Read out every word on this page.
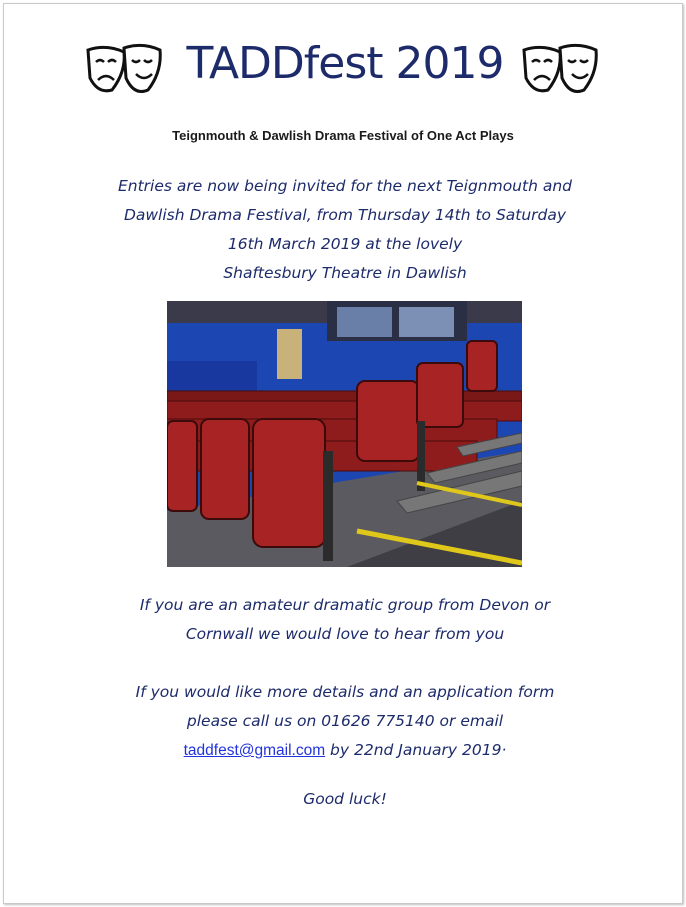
TADDfest 2019
Teignmouth & Dawlish Drama Festival of One Act Plays
Entries are now being invited for the next Teignmouth and
Dawlish Drama Festival, from Thursday 14th to Saturday
16th March 2019 at the lovely
Shaftesbury Theatre in Dawlish
If you are an amateur dramatic group from Devon or
Cornwall we would love to hear from you
If you would like more details and an application form
please call us on 01626 775140 or email
taddfest@gmail.com by 22nd January 2019·
Good luck!
